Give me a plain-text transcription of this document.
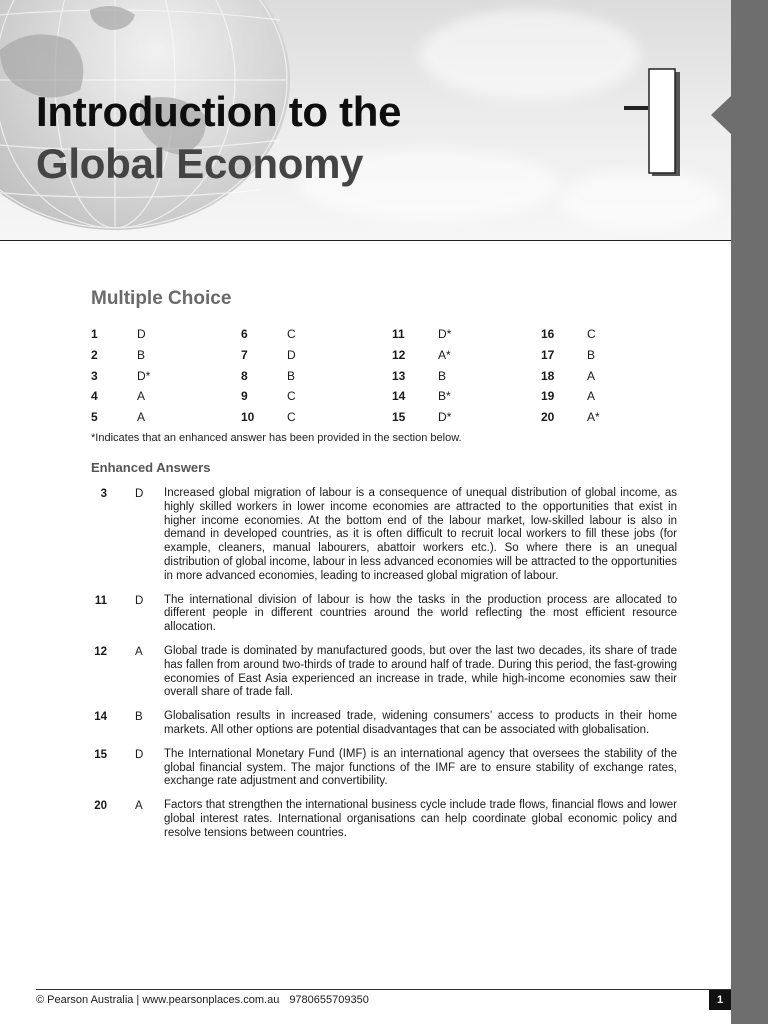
Introduction to the
Global Economy
Multiple Choice
1	D
2	B
3	D*
4	A
5	A
6	C
7	D
8	B
9	C
10	C
11	D*
12	A*
13	B
14	B*
15	D*
16	C
17	B
18	A
19	A
20	A*

*Indicates that an enhanced answer has been provided in the section below.

Enhanced Answers
3 D Increased global migration of labour is a consequence of unequal distribution of global income, as highly skilled workers in lower income economies are attracted to the opportunities that exist in higher income economies. At the bottom end of the labour market, low-skilled labour is also in demand in developed countries, as it is often difficult to recruit local workers to fill these jobs (for example, cleaners, manual labourers, abattoir workers etc.). So where there is an unequal distribution of global income, labour in less advanced economies will be attracted to the opportunities in more advanced economies, leading to increased global migration of labour.

11 D The international division of labour is how the tasks in the production process are allocated to different people in different countries around the world reflecting the most efficient resource allocation.

12 A Global trade is dominated by manufactured goods, but over the last two decades, its share of trade has fallen from around two-thirds of trade to around half of trade. During this period, the fast-growing economies of East Asia experienced an increase in trade, while high-income economies saw their overall share of trade fall.

14 B Globalisation results in increased trade, widening consumers’ access to products in their home markets. All other options are potential disadvantages that can be associated with globalisation.

15 D The International Monetary Fund (IMF) is an international agency that oversees the stability of the global financial system. The major functions of the IMF are to ensure stability of exchange rates, exchange rate adjustment and convertibility.

20 A Factors that strengthen the international business cycle include trade flows, financial flows and lower global interest rates. International organisations can help coordinate global economic policy and resolve tensions between countries.

© Pearson Australia | www.pearsonplaces.com.au 9780655709350	1
